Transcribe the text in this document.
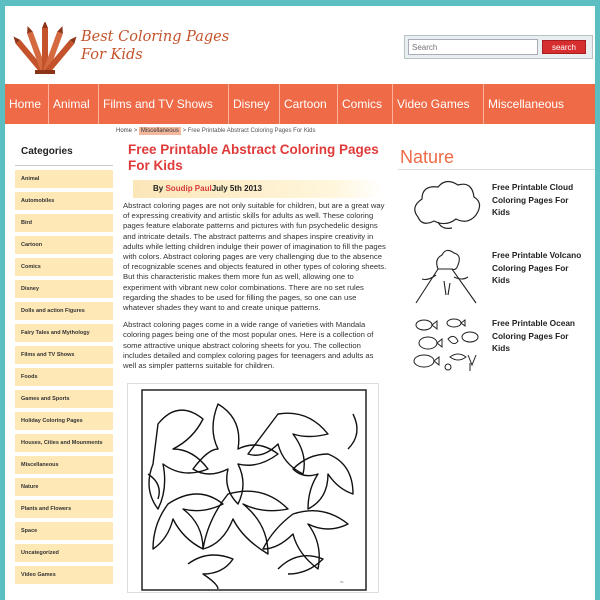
Best Coloring Pages
For Kids
Search	search
Home Animal	Films and TV Shows	Disney	Cartoon	Comics	Video Games	Miscellaneous
Home > Miscellaneous > Free Printable Abstract Coloring Pages For Kids
Categories
Animal
Automobiles
Bird
Cartoon
Comics
Disney
Dolls and action Figures
Fairy Tales and Mythology
Films and TV Shows
Foods
Games and Sports
Holiday Coloring Pages
Houses, Cities and Mounments
Miscellaneous
Nature
Plants and Flowers
Space
Uncategorized
Video Games
Free Printable Abstract Coloring Pages For Kids
By Soudip PaulJuly 5th 2013

Abstract coloring pages are not only suitable for children, but are a great way of expressing creativity and artistic skills for adults as well. These coloring pages feature elaborate patterns and pictures with fun psychedelic designs and intricate details. The abstract patterns and shapes inspire creativity in adults while letting children indulge their power of imagination to fill the pages with colors. Abstract coloring pages are very challenging due to the absence of recognizable scenes and objects featured in other types of coloring sheets. But this characteristic makes them more fun as well, allowing one to experiment with vibrant new color combinations. There are no set rules regarding the shades to be used for filling the pages, so one can use whatever shades they want to and create unique patterns.

Abstract coloring pages come in a wide range of varieties with Mandala coloring pages being one of the most popular ones. Here is a collection of some attractive unique abstract coloring sheets for you. The collection includes detailed and complex coloring pages for teenagers and adults as well as simpler patterns suitable for children.

~
Nature
Free Printable Cloud Coloring Pages For Kids
Free Printable Volcano Coloring Pages For Kids
Free Printable Ocean Coloring Pages For Kids
